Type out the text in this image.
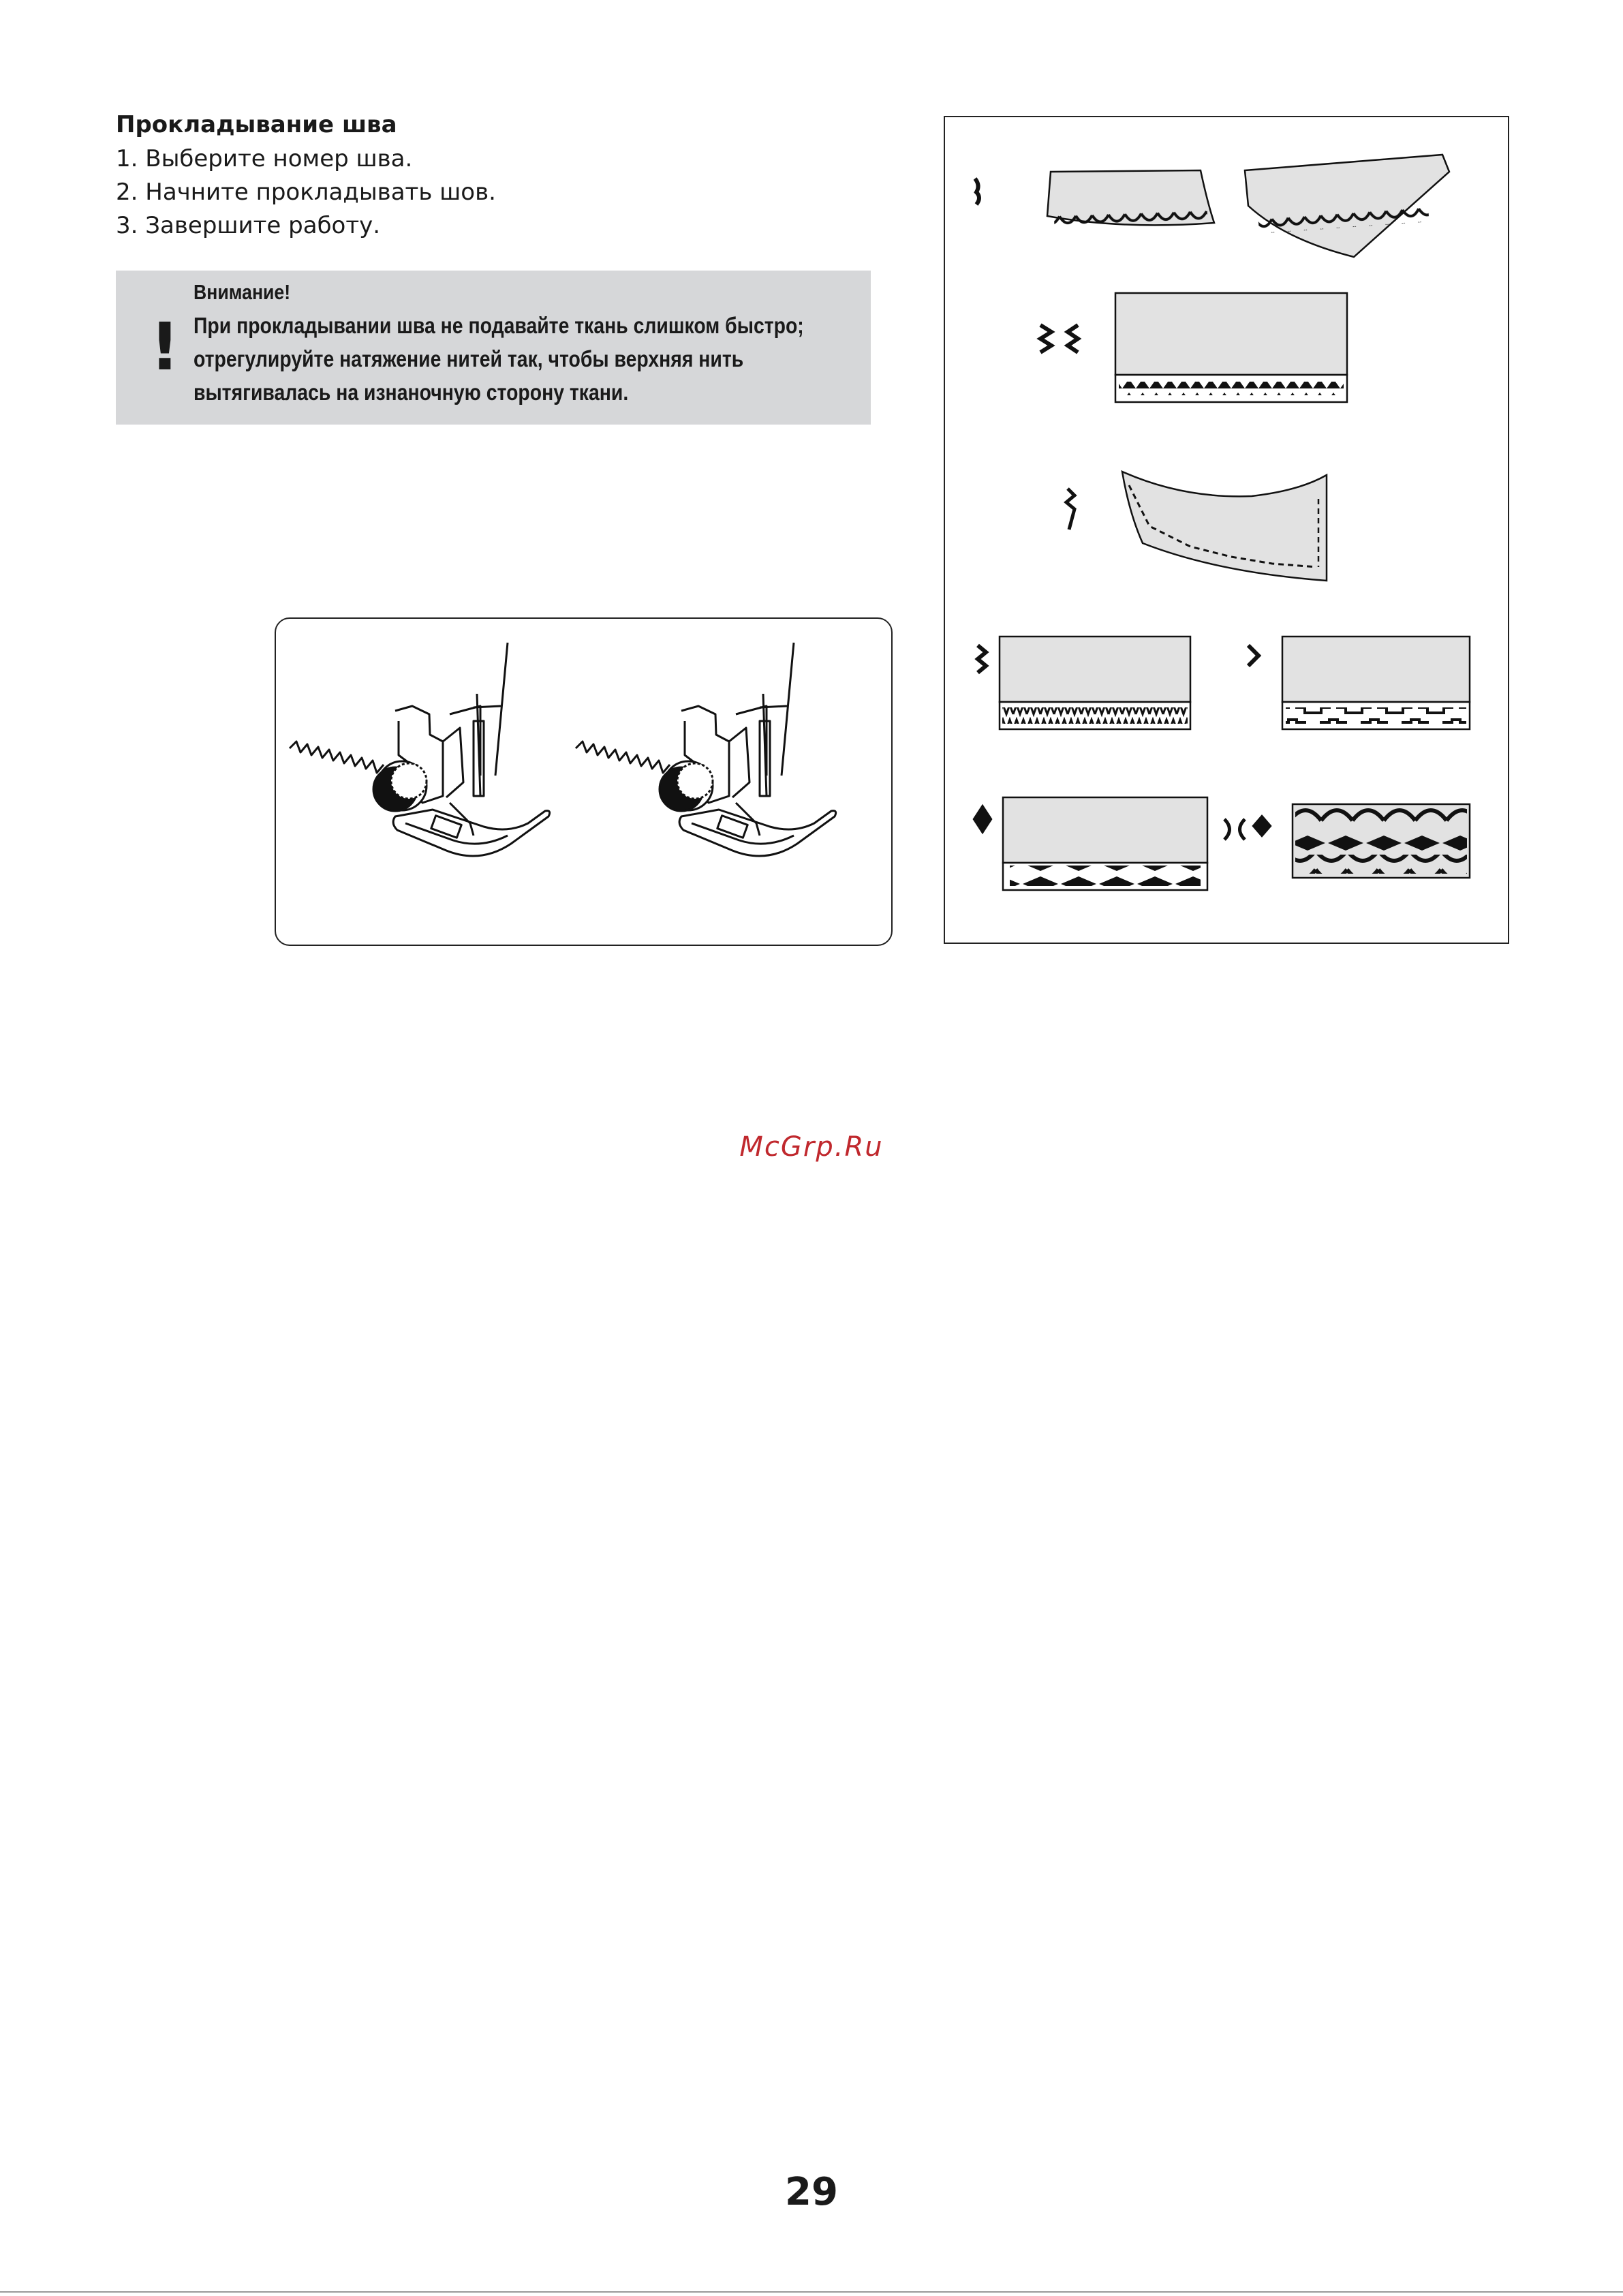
Прокладывание шва
1. Выберите номер шва.
2. Начните прокладывать шов.
3. Завершите работу.
!
Внимание!
При прокладывании шва не подавайте ткань слишком быстро;
отрегулируйте натяжение нитей так, чтобы верхняя нить
вытягивалась на изнаночную сторону ткани.
McGrp.Ru
29
